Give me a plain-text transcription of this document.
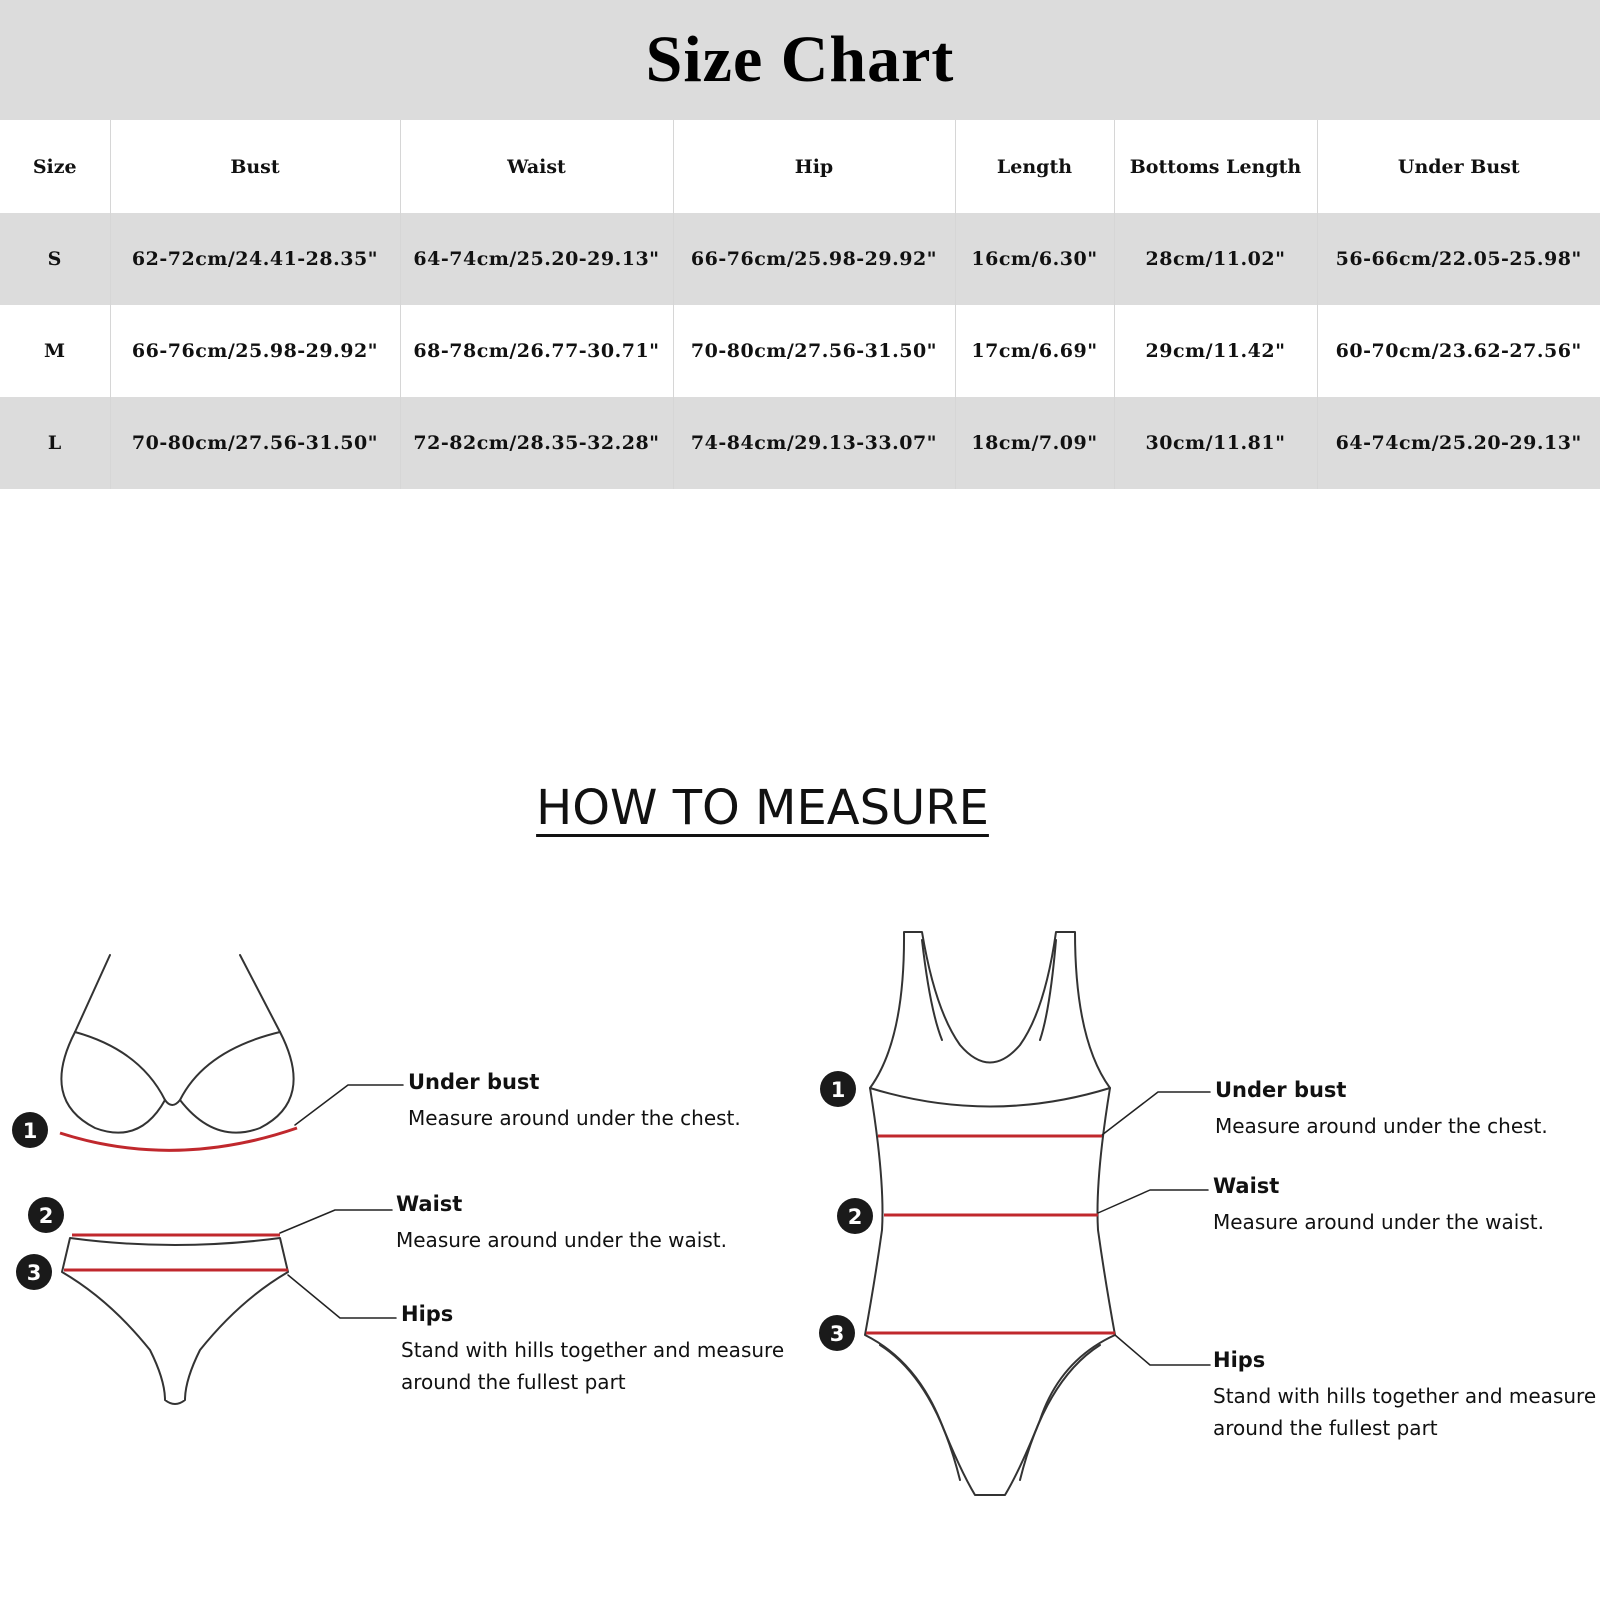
Size Chart
Size	Bust	Waist	Hip	Length	Bottoms Length	Under Bust
S	62-72cm/24.41-28.35"	64-74cm/25.20-29.13"	66-76cm/25.98-29.92"	16cm/6.30"	28cm/11.02"	56-66cm/22.05-25.98"
M	66-76cm/25.98-29.92"	68-78cm/26.77-30.71"	70-80cm/27.56-31.50"	17cm/6.69"	29cm/11.42"	60-70cm/23.62-27.56"
L	70-80cm/27.56-31.50"	72-82cm/28.35-32.28"	74-84cm/29.13-33.07"	18cm/7.09"	30cm/11.81"	64-74cm/25.20-29.13"
HOW TO MEASURE
1
2
3
1
2
3
Under bust
Measure around under the chest.
Waist
Measure around under the waist.
Hips
Stand with hills together and measure
around the fullest part
Under bust
Measure around under the chest.
Waist
Measure around under the waist.
Hips
Stand with hills together and measure
around the fullest part
